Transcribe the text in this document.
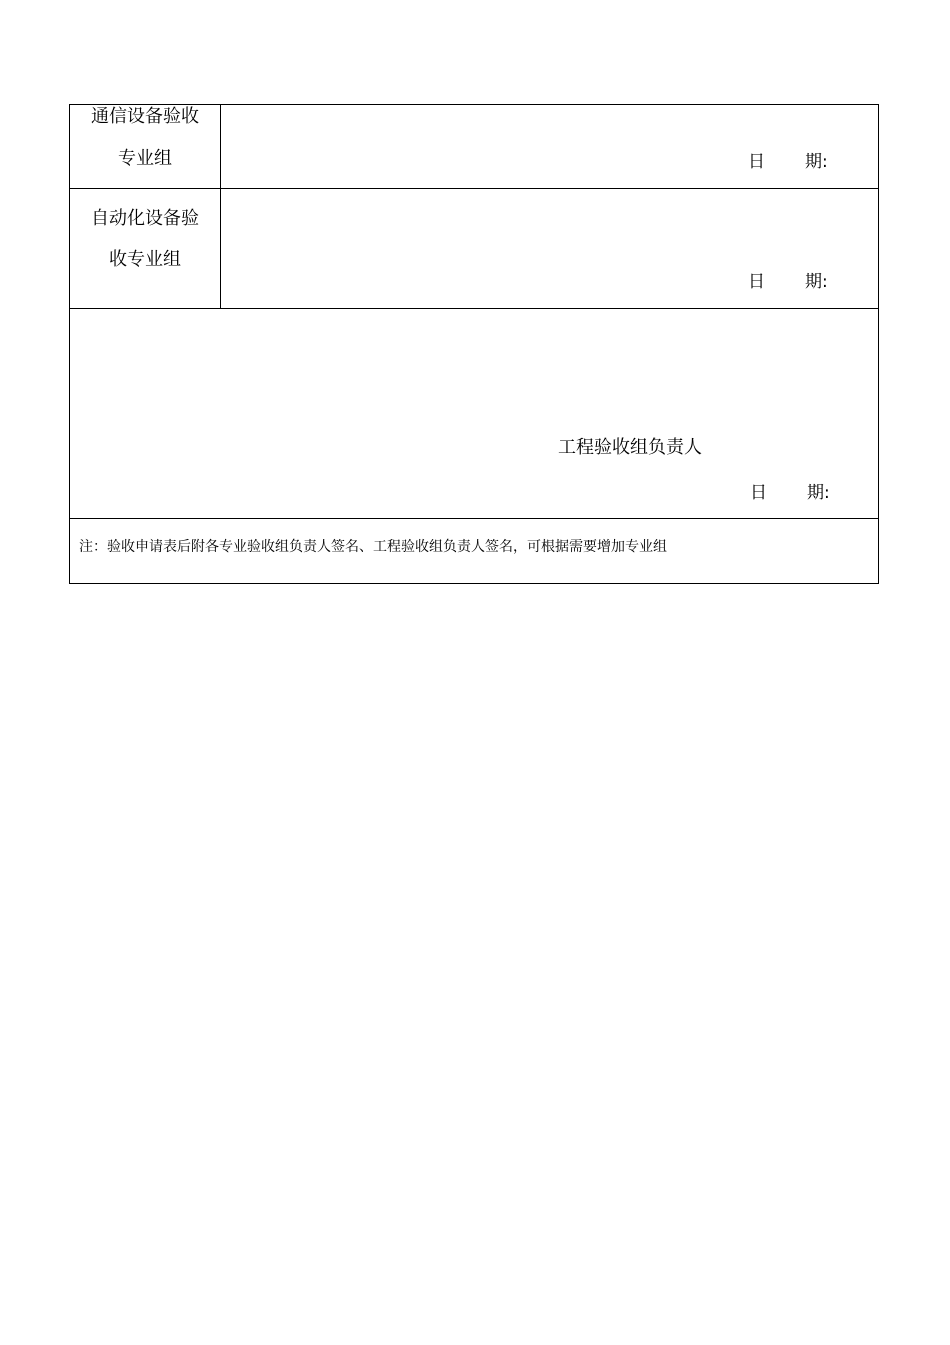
通信设备验收
专业组	日 期:

自动化设备验
收专业组	日 期:

工程验收组负责人
日 期:	

注：验收申请表后附各专业验收组负责人签名、工程验收组负责人签名，可根据需要增加专业组	
